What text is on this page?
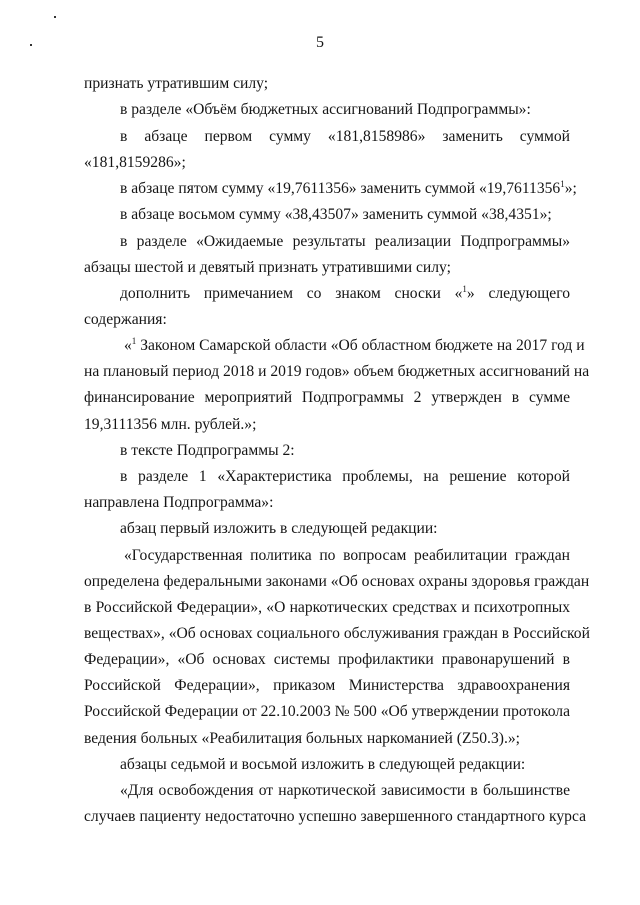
5
признать утратившим силу;
в разделе «Объём бюджетных ассигнований Подпрограммы»:
в абзаце первом сумму «181,8158986» заменить суммой
«181,8159286»;
в абзаце пятом сумму «19,7611356» заменить суммой «19,7611356$^1$»;
в абзаце восьмом сумму «38,43507» заменить суммой «38,4351»;
в разделе «Ожидаемые результаты реализации Подпрограммы»
абзацы шестой и девятый признать утратившими силу;
дополнить примечанием со знаком сноски «$^1$» следующего
содержания:
«$^1$ Законом Самарской области «Об областном бюджете на 2017 год и
на плановый период 2018 и 2019 годов» объем бюджетных ассигнований на
финансирование мероприятий Подпрограммы 2 утвержден в сумме
19,3111356 млн. рублей.»;
в тексте Подпрограммы 2:
в разделе 1 «Характеристика проблемы, на решение которой
направлена Подпрограмма»:
абзац первый изложить в следующей редакции:
«Государственная политика по вопросам реабилитации граждан
определена федеральными законами «Об основах охраны здоровья граждан
в Российской Федерации», «О наркотических средствах и психотропных
веществах», «Об основах социального обслуживания граждан в Российской
Федерации», «Об основах системы профилактики правонарушений в
Российской Федерации», приказом Министерства здравоохранения
Российской Федерации от 22.10.2003 № 500 «Об утверждении протокола
ведения больных «Реабилитация больных наркоманией (Z50.3).»;
абзацы седьмой и восьмой изложить в следующей редакции:
«Для освобождения от наркотической зависимости в большинстве
случаев пациенту недостаточно успешно завершенного стандартного курса
